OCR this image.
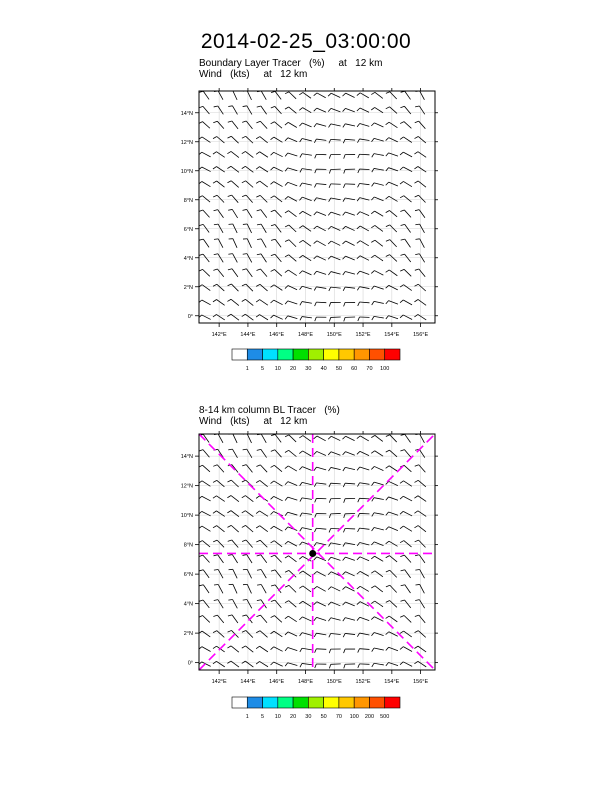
2014-02-25_03:00:00
Boundary Layer Tracer   (%)     at   12 km
Wind   (kts)     at   12 km
8-14 km column BL Tracer   (%)
Wind   (kts)     at   12 km
142°E 144°E 146°E 148°E 150°E 152°E 154°E 156°E
0°
2°N
4°N
6°N
8°N
10°N
12°N
14°N
1 5 10 20 30 40 50 60 70 100
142°E 144°E 146°E 148°E 150°E 152°E 154°E 156°E
0°
2°N
4°N
6°N
8°N
10°N
12°N
14°N
1 5 10 20 30 50 70 100 200 500
